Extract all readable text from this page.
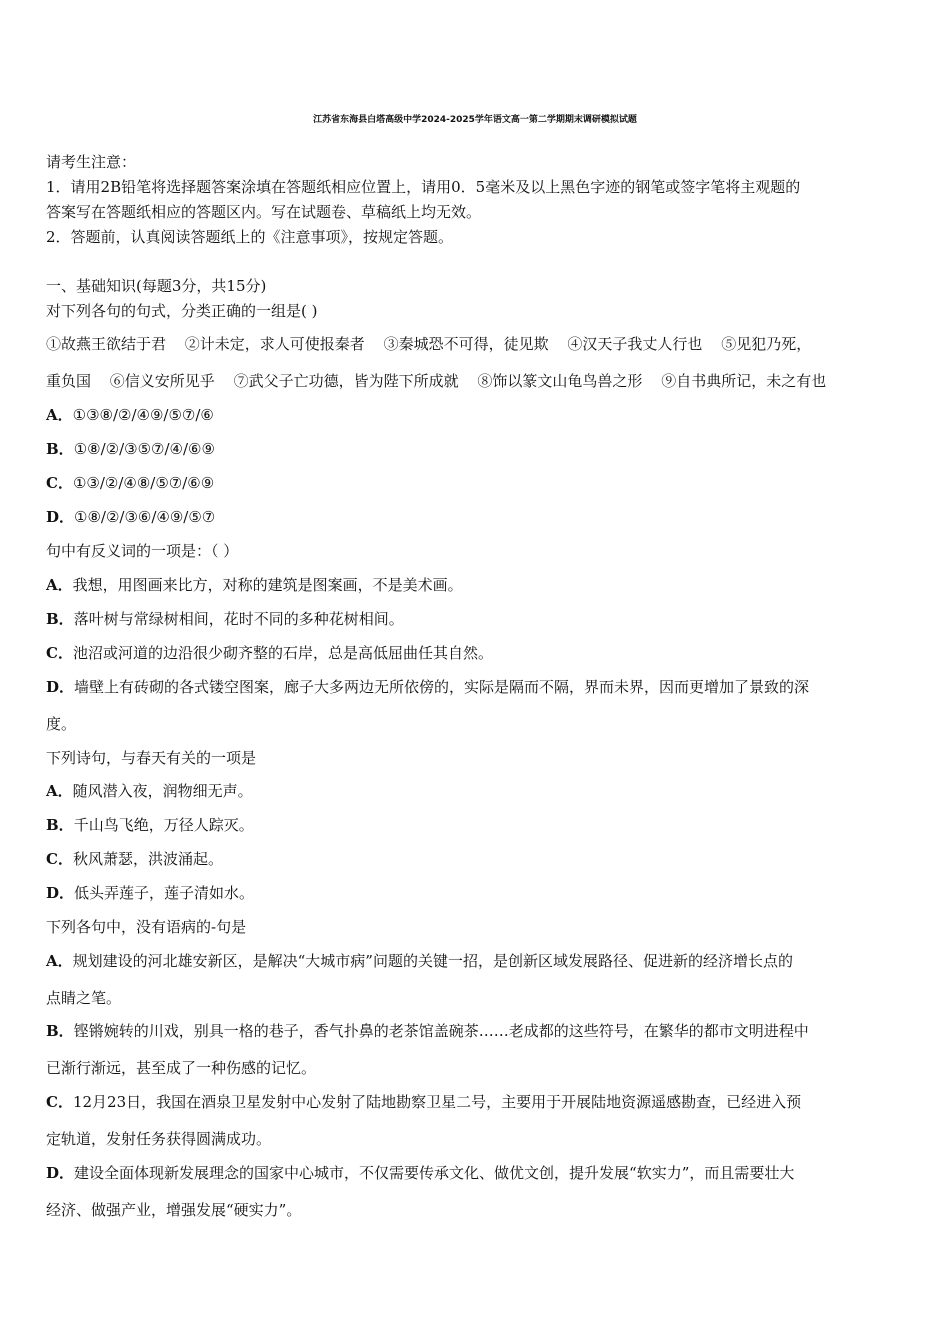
江苏省东海县白塔高级中学2024-2025学年语文高一第二学期期末调研模拟试题
请考生注意：
1．请用2B铅笔将选择题答案涂填在答题纸相应位置上，请用0．5毫米及以上黑色字迹的钢笔或签字笔将主观题的
答案写在答题纸相应的答题区内。写在试题卷、草稿纸上均无效。
2．答题前，认真阅读答题纸上的《注意事项》，按规定答题。
一、基础知识(每题3分，共15分)
对下列各句的句式，分类正确的一组是( )
①故燕王欲结于君 ②计未定，求人可使报秦者 ③秦城恐不可得，徒见欺 ④汉天子我丈人行也 ⑤见犯乃死，
重负国 ⑥信义安所见乎 ⑦武父子亡功德，皆为陛下所成就 ⑧饰以篆文山龟鸟兽之形 ⑨自书典所记，未之有也
A．①③⑧/②/④⑨/⑤⑦/⑥
B．①⑧/②/③⑤⑦/④/⑥⑨
C．①③/②/④⑧/⑤⑦/⑥⑨
D．①⑧/②/③⑥/④⑨/⑤⑦
句中有反义词的一项是：（ ）
A．我想，用图画来比方，对称的建筑是图案画，不是美术画。
B．落叶树与常绿树相间，花时不同的多种花树相间。
C．池沼或河道的边沿很少砌齐整的石岸，总是高低屈曲任其自然。
D．墙壁上有砖砌的各式镂空图案，廊子大多两边无所依傍的，实际是隔而不隔，界而未界，因而更增加了景致的深
度。
下列诗句，与春天有关的一项是
A．随风潜入夜，润物细无声。
B．千山鸟飞绝，万径人踪灭。
C．秋风萧瑟，洪波涌起。
D．低头弄莲子，莲子清如水。
下列各句中，没有语病的-句是
A．规划建设的河北雄安新区，是解决“大城市病”问题的关键一招，是创新区域发展路径、促进新的经济增长点的
点睛之笔。
B．铿锵婉转的川戏，别具一格的巷子，香气扑鼻的老茶馆盖碗茶……老成都的这些符号，在繁华的都市文明进程中
已渐行渐远，甚至成了一种伤感的记忆。
C．12月23日，我国在酒泉卫星发射中心发射了陆地勘察卫星二号，主要用于开展陆地资源遥感勘查，已经进入预
定轨道，发射任务获得圆满成功。
D．建设全面体现新发展理念的国家中心城市，不仅需要传承文化、做优文创，提升发展“软实力”，而且需要壮大
经济、做强产业，增强发展“硬实力”。
